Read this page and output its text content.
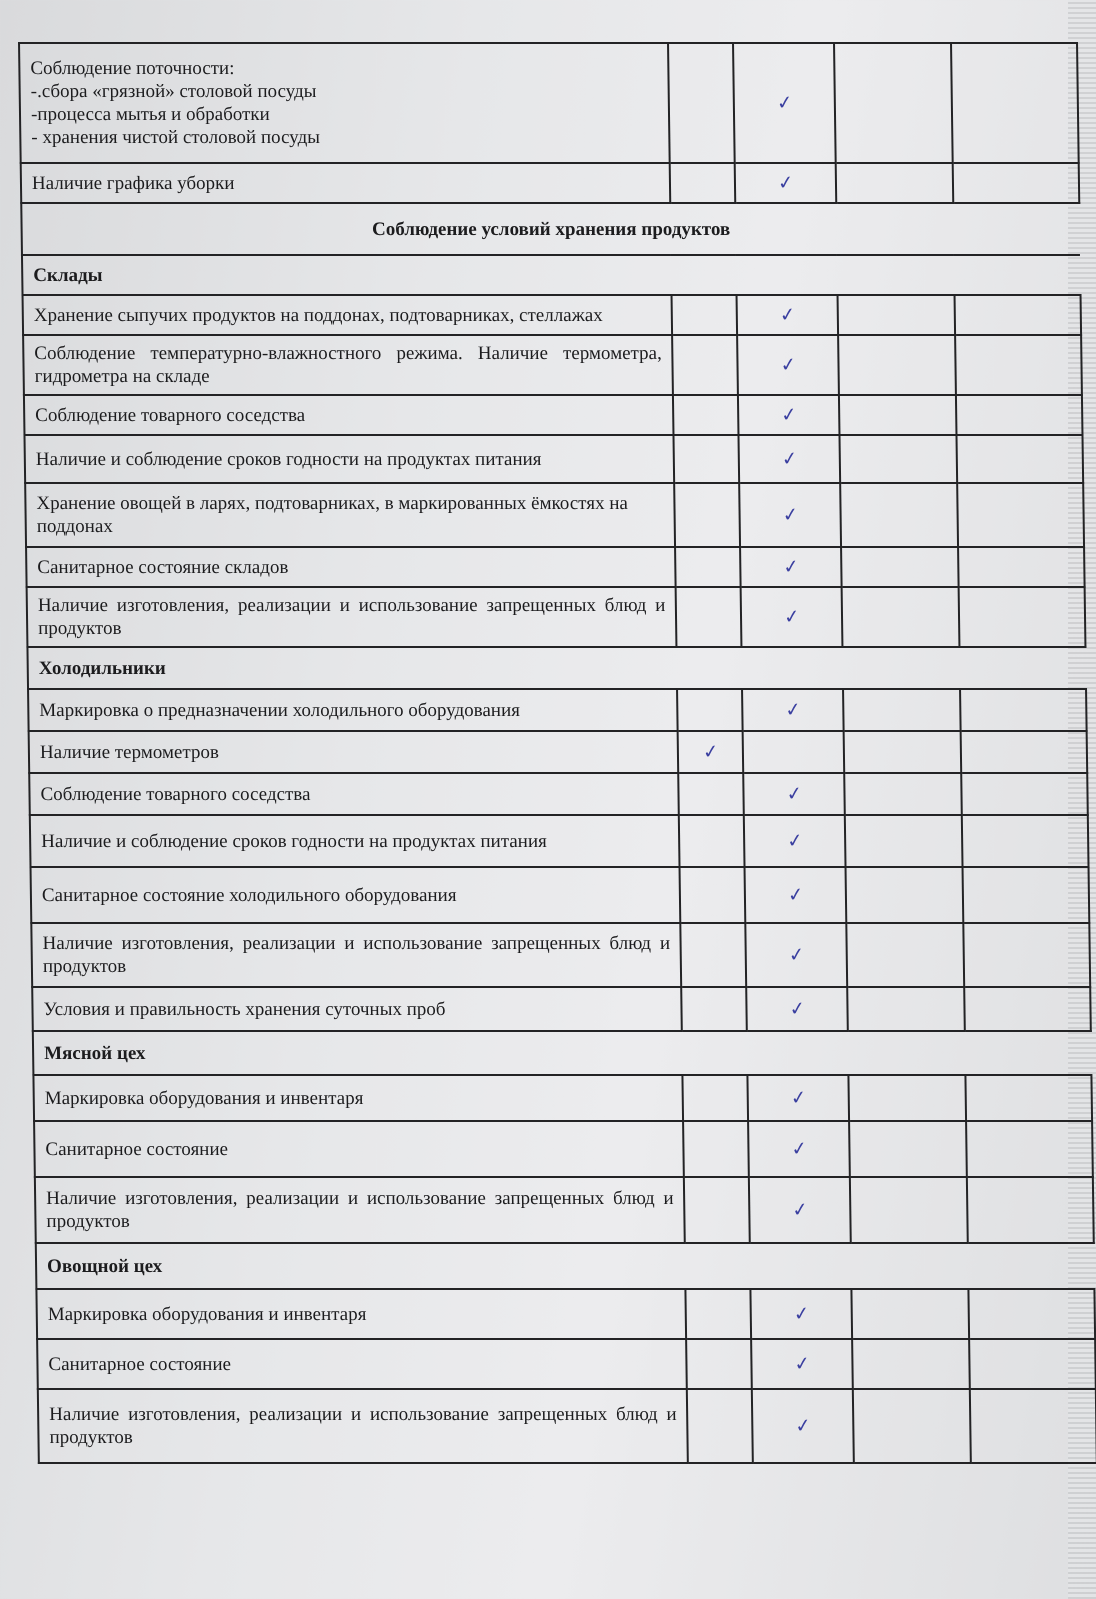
Соблюдение поточности:
-.сбора «грязной» столовой посуды
-процесса мытья и обработки
- хранения чистой столовой посуды		✓		
Наличие графика уборки		✓		
Соблюдение условий хранения продуктов				
Склады				
Хранение сыпучих продуктов на поддонах, подтоварниках, стеллажах		✓		
Соблюдение температурно-влажностного режима. Наличие термометра, гидрометра на складе		✓		
Соблюдение товарного соседства		✓		
Наличие и соблюдение сроков годности на продуктах питания		✓		
Хранение овощей в ларях, подтоварниках, в маркированных ёмкостях на поддонах		✓		
Санитарное состояние складов		✓		
Наличие изготовления, реализации и использование запрещенных блюд и продуктов		✓		
Холодильники				
Маркировка о предназначении холодильного оборудования		✓		
Наличие термометров	✓			
Соблюдение товарного соседства		✓		
Наличие и соблюдение сроков годности на продуктах питания		✓		
Санитарное состояние холодильного оборудования		✓		
Наличие изготовления, реализации и использование запрещенных блюд и продуктов		✓		
Условия и правильность хранения суточных проб		✓		
Мясной цех				
Маркировка оборудования и инвентаря		✓		
Санитарное состояние		✓		
Наличие изготовления, реализации и использование запрещенных блюд и продуктов		✓		
Овощной цех				
Маркировка оборудования и инвентаря		✓		
Санитарное состояние		✓		
Наличие изготовления, реализации и использование запрещенных блюд и продуктов		✓		
